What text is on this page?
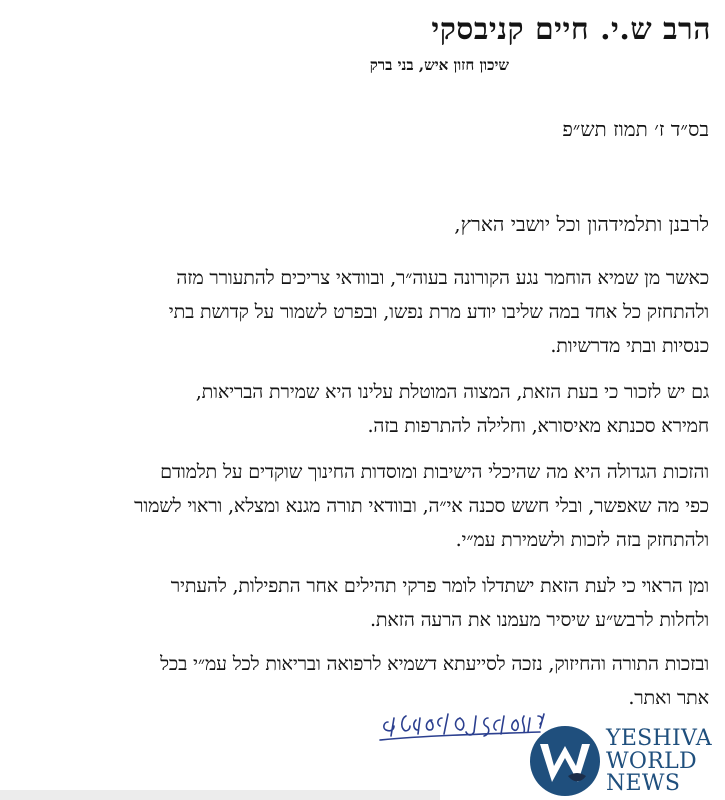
הרב ש.י. חיים קניבסקי
שיכון חזון איש, בני ברק
בס״ד ז׳ תמוז תש״פ
לרבנן ותלמידהון וכל יושבי הארץ,
כאשר מן שמיא הוחמר נגע הקורונה בעוה״ר, ובוודאי צריכים להתעורר מזה
ולהתחזק כל אחד במה שליבו יודע מרת נפשו, ובפרט לשמור על קדושת בתי
כנסיות ובתי מדרשיות.
גם יש לזכור כי בעת הזאת, המצוה המוטלת עלינו היא שמירת הבריאות,
חמירא סכנתא מאיסורא, וחלילה להתרפות בזה.
והזכות הגדולה היא מה שהיכלי הישיבות ומוסדות החינוך שוקדים על תלמודם
כפי מה שאפשר, ובלי חשש סכנה אי״ה, ובוודאי תורה מגנא ומצלא, וראוי לשמור
ולהתחזק בזה לזכות ולשמירת עמ״י.
ומן הראוי כי לעת הזאת ישתדלו לומר פרקי תהילים אחר התפילות, להעתיר
ולחלות לרבש״ע שיסיר מעמנו את הרעה הזאת.
ובזכות התורה והחיזוק, נזכה לסייעתא דשמיא לרפואה ובריאות לכל עמ״י בכל
אתר ואתר.
YESHIVA
WORLD
NEWS
